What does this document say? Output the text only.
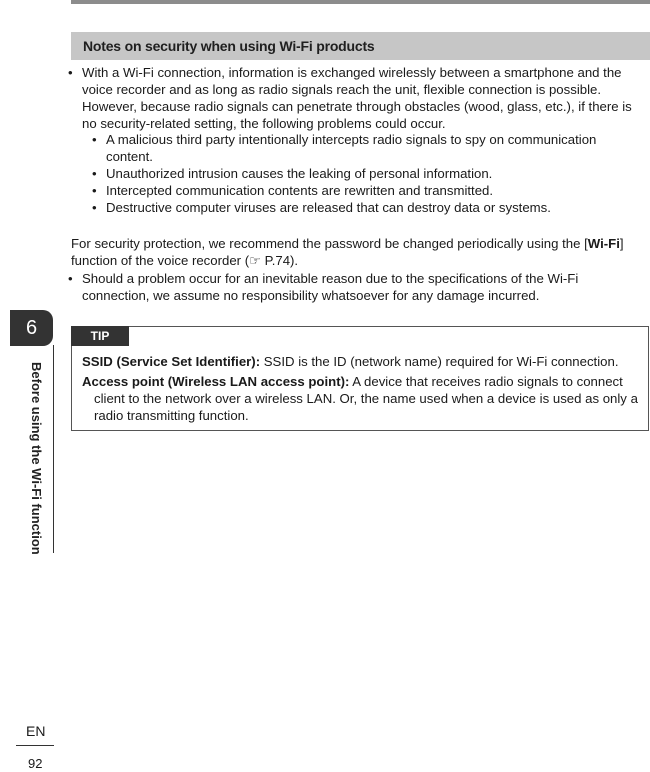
6
Before using the Wi-Fi function
EN
92
Notes on security when using Wi-Fi products

• With a Wi-Fi connection, information is exchanged wirelessly between a smartphone and the voice recorder and as long as radio signals reach the unit, flexible connection is possible. However, because radio signals can penetrate through obstacles (wood, glass, etc.), if there is no security-related setting, the following problems could occur.

• A malicious third party intentionally intercepts radio signals to spy on communication content.

• Unauthorized intrusion causes the leaking of personal information.

• Intercepted communication contents are rewritten and transmitted.

• Destructive computer viruses are released that can destroy data or systems.

For security protection, we recommend the password be changed periodically using the [Wi-Fi] function of the voice recorder (☞ P.74).

• Should a problem occur for an inevitable reason due to the specifications of the Wi-Fi connection, we assume no responsibility whatsoever for any damage incurred.

TIP

SSID (Service Set Identifier): SSID is the ID (network name) required for Wi-Fi connection.

Access point (Wireless LAN access point): A device that receives radio signals to connect client to the network over a wireless LAN. Or, the name used when a device is used as only a radio transmitting function.
